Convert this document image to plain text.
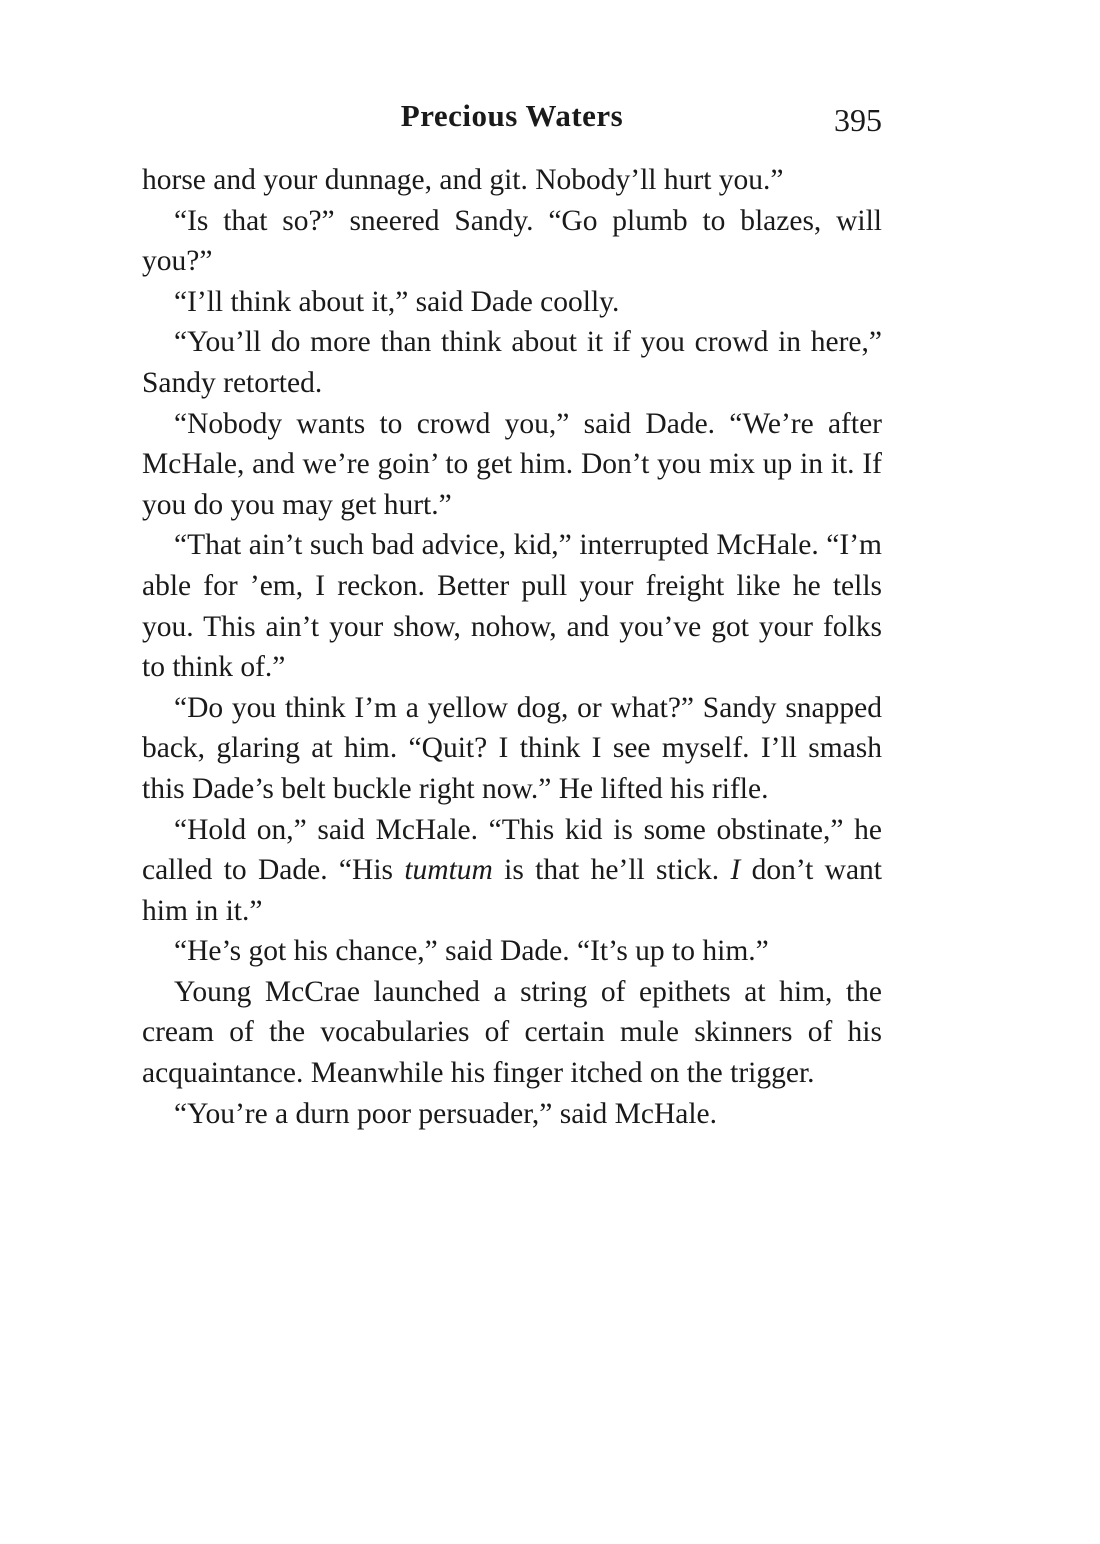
Precious Waters	395

horse and your dunnage, and git. Nobody’ll hurt you.”

“Is that so?” sneered Sandy. “Go plumb to blazes, will you?”

“I’ll think about it,” said Dade coolly.

“You’ll do more than think about it if you crowd in here,” Sandy retorted.

“Nobody wants to crowd you,” said Dade. “We’re after McHale, and we’re goin’ to get him. Don’t you mix up in it. If you do you may get hurt.”

“That ain’t such bad advice, kid,” interrupted McHale. “I’m able for ’em, I reckon. Better pull your freight like he tells you. This ain’t your show, nohow, and you’ve got your folks to think of.”

“Do you think I’m a yellow dog, or what?” Sandy snapped back, glaring at him. “Quit? I think I see myself. I’ll smash this Dade’s belt buckle right now.” He lifted his rifle.

“Hold on,” said McHale. “This kid is some obstinate,” he called to Dade. “His tumtum is that he’ll stick. I don’t want him in it.”

“He’s got his chance,” said Dade. “It’s up to him.”

Young McCrae launched a string of epithets at him, the cream of the vocabularies of certain mule skinners of his acquaintance. Meanwhile his finger itched on the trigger.

“You’re a durn poor persuader,” said McHale.
